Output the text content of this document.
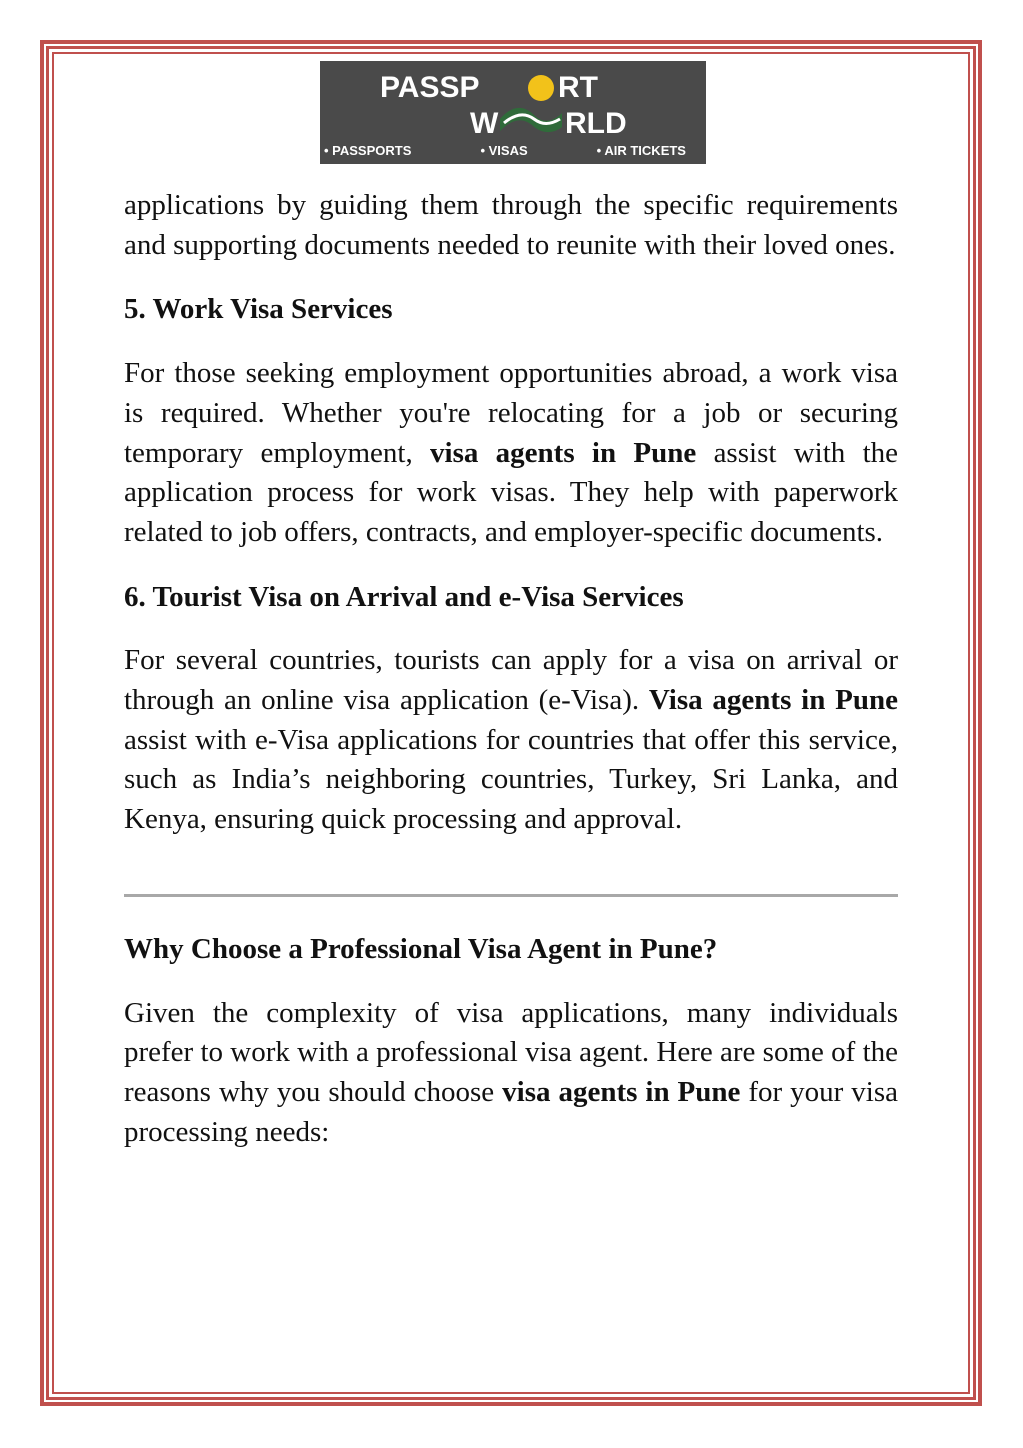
PASSP	RT
W RLD
• PASSPORTS	• VISAS	• AIR TICKETS

applications by guiding them through the specific requirements and supporting documents needed to reunite with their loved ones.

5. Work Visa Services

For those seeking employment opportunities abroad, a work visa is required. Whether you're relocating for a job or securing temporary employment, visa agents in Pune assist with the application process for work visas. They help with paperwork related to job offers, contracts, and employer-specific documents.

6. Tourist Visa on Arrival and e-Visa Services

For several countries, tourists can apply for a visa on arrival or through an online visa application (e-Visa). Visa agents in Pune assist with e-Visa applications for countries that offer this service, such as India’s neighboring countries, Turkey, Sri Lanka, and Kenya, ensuring quick processing and approval.

Why Choose a Professional Visa Agent in Pune?

Given the complexity of visa applications, many individuals prefer to work with a professional visa agent. Here are some of the reasons why you should choose visa agents in Pune for your visa processing needs:
